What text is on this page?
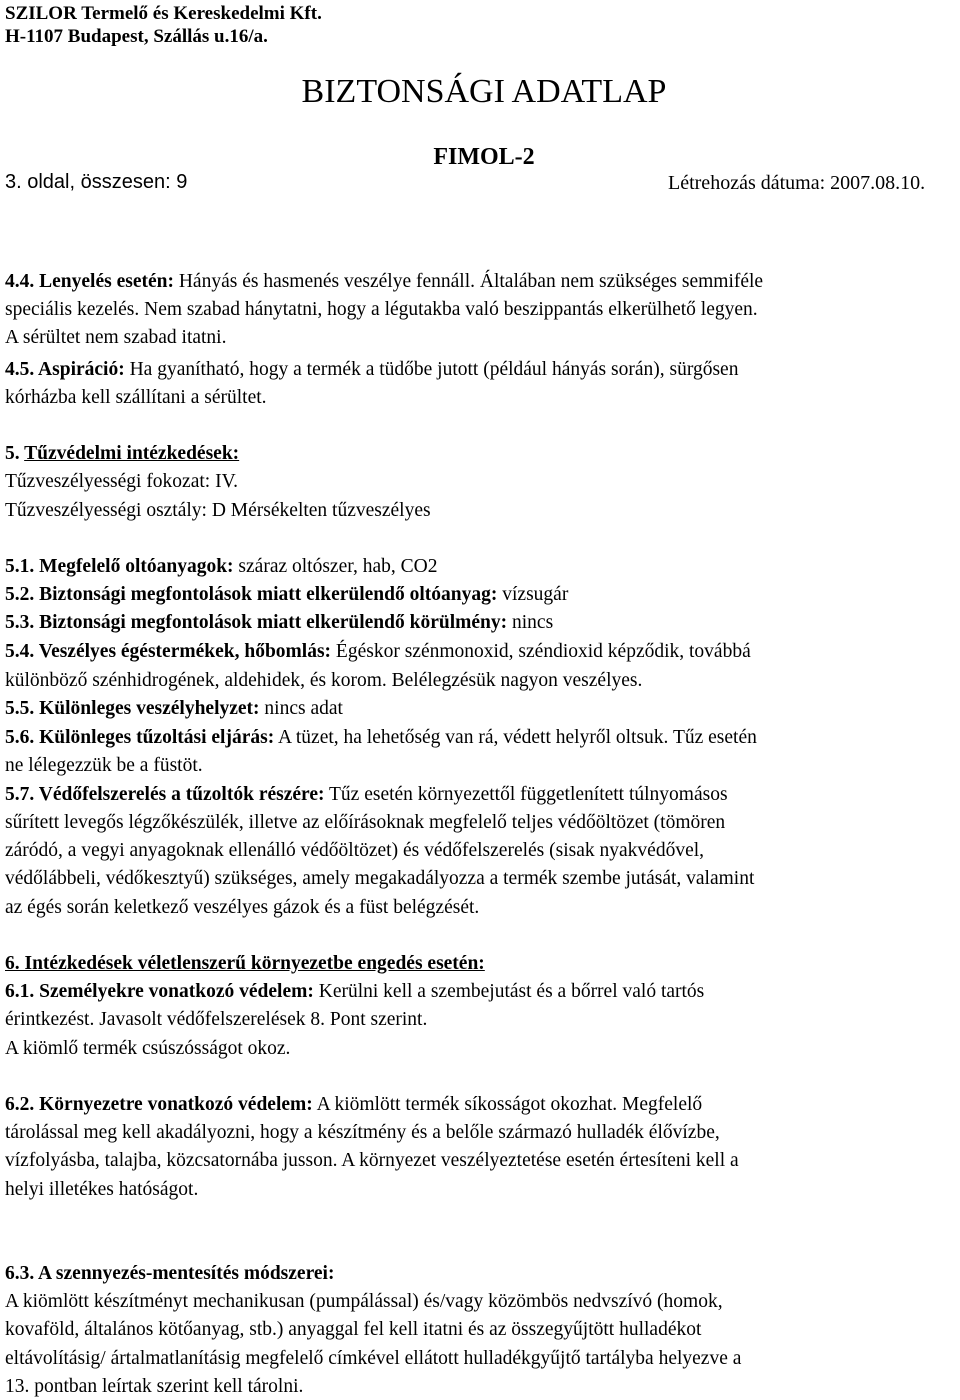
SZILOR Termelő és Kereskedelmi Kft.
H-1107 Budapest, Szállás u.16/a.
BIZTONSÁGI ADATLAP
FIMOL-2
3. oldal, összesen: 9	Létrehozás dátuma: 2007.08.10.
4.4. Lenyelés esetén: Hányás és hasmenés veszélye fennáll. Általában nem szükséges semmiféle
speciális kezelés. Nem szabad hánytatni, hogy a légutakba való beszippantás elkerülhető legyen.
A sérültet nem szabad itatni.
4.5. Aspiráció: Ha gyanítható, hogy a termék a tüdőbe jutott (például hányás során), sürgősen
kórházba kell szállítani a sérültet.
5. Tűzvédelmi intézkedések:
Tűzveszélyességi fokozat: IV.
Tűzveszélyességi osztály: D Mérsékelten tűzveszélyes
5.1. Megfelelő oltóanyagok: száraz oltószer, hab, CO2
5.2. Biztonsági megfontolások miatt elkerülendő oltóanyag: vízsugár
5.3. Biztonsági megfontolások miatt elkerülendő körülmény: nincs
5.4. Veszélyes égéstermékek, hőbomlás: Égéskor szénmonoxid, széndioxid képződik, továbbá
különböző szénhidrogének, aldehidek, és korom. Belélegzésük nagyon veszélyes.
5.5. Különleges veszélyhelyzet: nincs adat
5.6. Különleges tűzoltási eljárás: A tüzet, ha lehetőség van rá, védett helyről oltsuk. Tűz esetén
ne lélegezzük be a füstöt.
5.7. Védőfelszerelés a tűzoltók részére: Tűz esetén környezettől függetlenített túlnyomásos
sűrített levegős légzőkészülék, illetve az előírásoknak megfelelő teljes védőöltözet (tömören
záródó, a vegyi anyagoknak ellenálló védőöltözet) és védőfelszerelés (sisak nyakvédővel,
védőlábbeli, védőkesztyű) szükséges, amely megakadályozza a termék szembe jutását, valamint
az égés során keletkező veszélyes gázok és a füst belégzését.
6. Intézkedések véletlenszerű környezetbe engedés esetén:
6.1. Személyekre vonatkozó védelem: Kerülni kell a szembejutást és a bőrrel való tartós
érintkezést. Javasolt védőfelszerelések 8. Pont szerint.
A kiömlő termék csúszósságot okoz.
6.2. Környezetre vonatkozó védelem: A kiömlött termék síkosságot okozhat. Megfelelő
tárolással meg kell akadályozni, hogy a készítmény és a belőle származó hulladék élővízbe,
vízfolyásba, talajba, közcsatornába jusson. A környezet veszélyeztetése esetén értesíteni kell a
helyi illetékes hatóságot.
6.3. A szennyezés-mentesítés módszerei:
A kiömlött készítményt mechanikusan (pumpálással) és/vagy közömbös nedvszívó (homok,
kovaföld, általános kötőanyag, stb.) anyaggal fel kell itatni és az összegyűjtött hulladékot
eltávolításig/ ártalmatlanításig megfelelő címkével ellátott hulladékgyűjtő tartályba helyezve a
13. pontban leírtak szerint kell tárolni.
